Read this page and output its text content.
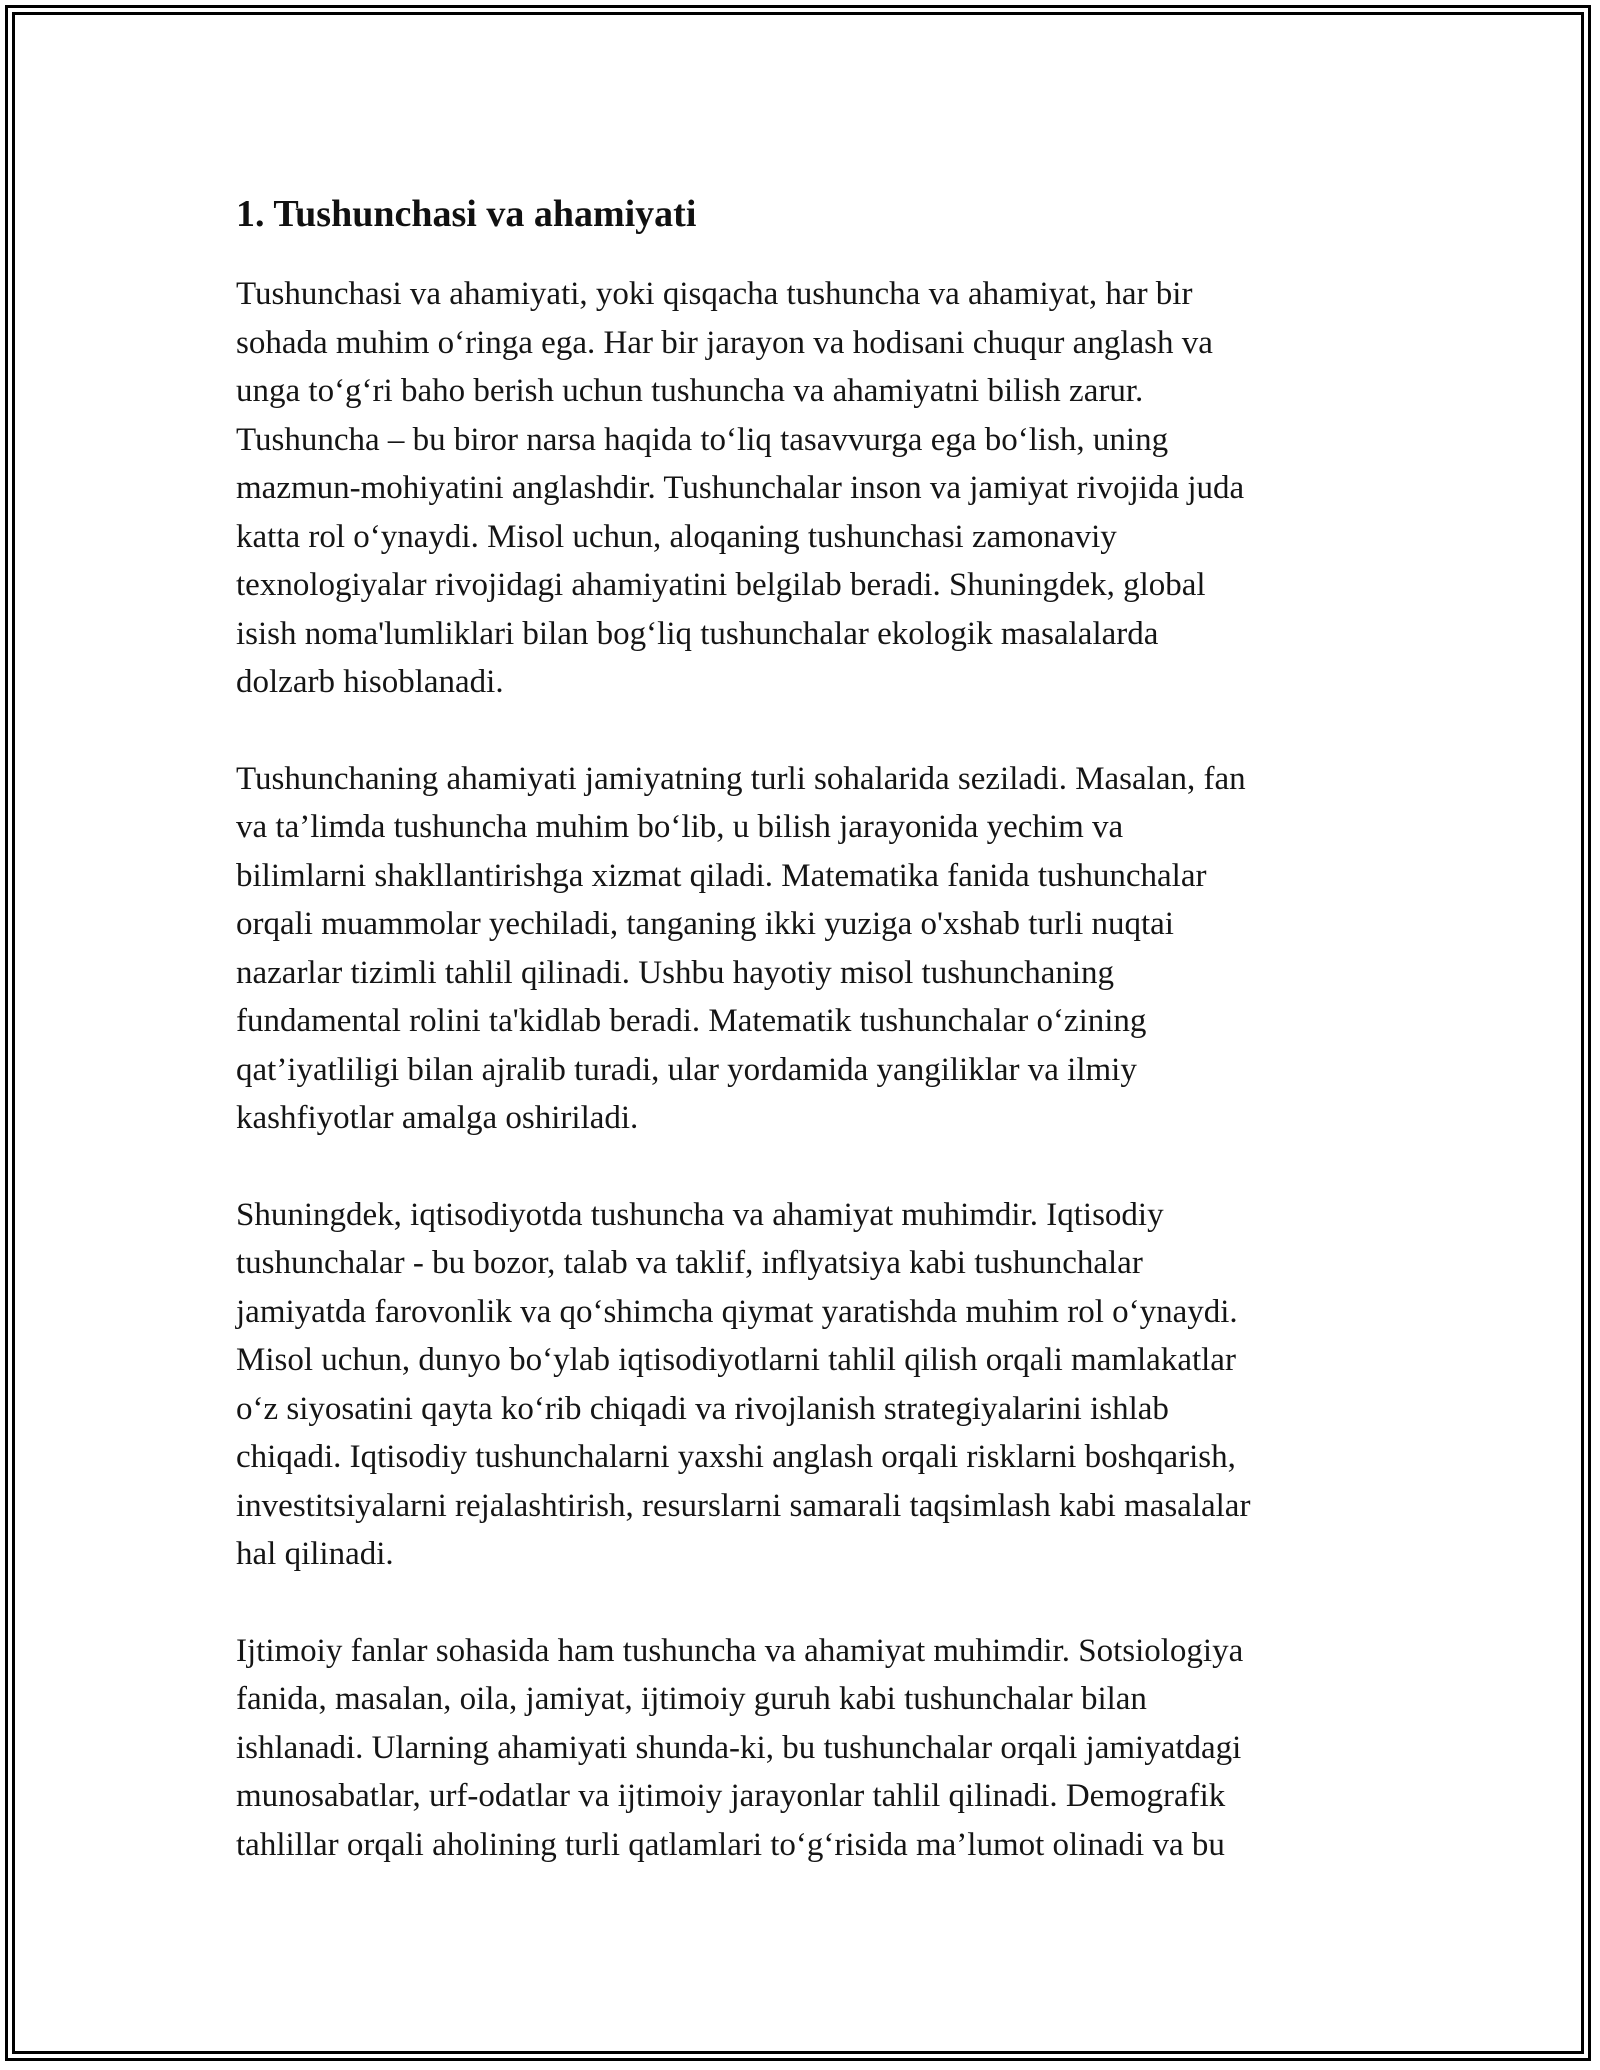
1. Tushunchasi va ahamiyati

Tushunchasi va ahamiyati, yoki qisqacha tushuncha va ahamiyat, har bir
sohada muhim o‘ringa ega. Har bir jarayon va hodisani chuqur anglash va
unga to‘g‘ri baho berish uchun tushuncha va ahamiyatni bilish zarur.
Tushuncha – bu biror narsa haqida to‘liq tasavvurga ega bo‘lish, uning
mazmun-mohiyatini anglashdir. Tushunchalar inson va jamiyat rivojida juda
katta rol o‘ynaydi. Misol uchun, aloqaning tushunchasi zamonaviy
texnologiyalar rivojidagi ahamiyatini belgilab beradi. Shuningdek, global
isish noma'lumliklari bilan bog‘liq tushunchalar ekologik masalalarda
dolzarb hisoblanadi.

Tushunchaning ahamiyati jamiyatning turli sohalarida seziladi. Masalan, fan
va ta’limda tushuncha muhim bo‘lib, u bilish jarayonida yechim va
bilimlarni shakllantirishga xizmat qiladi. Matematika fanida tushunchalar
orqali muammolar yechiladi, tanganing ikki yuziga o'xshab turli nuqtai
nazarlar tizimli tahlil qilinadi. Ushbu hayotiy misol tushunchaning
fundamental rolini ta'kidlab beradi. Matematik tushunchalar o‘zining
qat’iyatliligi bilan ajralib turadi, ular yordamida yangiliklar va ilmiy
kashfiyotlar amalga oshiriladi.

Shuningdek, iqtisodiyotda tushuncha va ahamiyat muhimdir. Iqtisodiy
tushunchalar - bu bozor, talab va taklif, inflyatsiya kabi tushunchalar
jamiyatda farovonlik va qo‘shimcha qiymat yaratishda muhim rol o‘ynaydi.
Misol uchun, dunyo bo‘ylab iqtisodiyotlarni tahlil qilish orqali mamlakatlar
o‘z siyosatini qayta ko‘rib chiqadi va rivojlanish strategiyalarini ishlab
chiqadi. Iqtisodiy tushunchalarni yaxshi anglash orqali risklarni boshqarish,
investitsiyalarni rejalashtirish, resurslarni samarali taqsimlash kabi masalalar
hal qilinadi.

Ijtimoiy fanlar sohasida ham tushuncha va ahamiyat muhimdir. Sotsiologiya
fanida, masalan, oila, jamiyat, ijtimoiy guruh kabi tushunchalar bilan
ishlanadi. Ularning ahamiyati shunda-ki, bu tushunchalar orqali jamiyatdagi
munosabatlar, urf-odatlar va ijtimoiy jarayonlar tahlil qilinadi. Demografik
tahlillar orqali aholining turli qatlamlari to‘g‘risida ma’lumot olinadi va bu
